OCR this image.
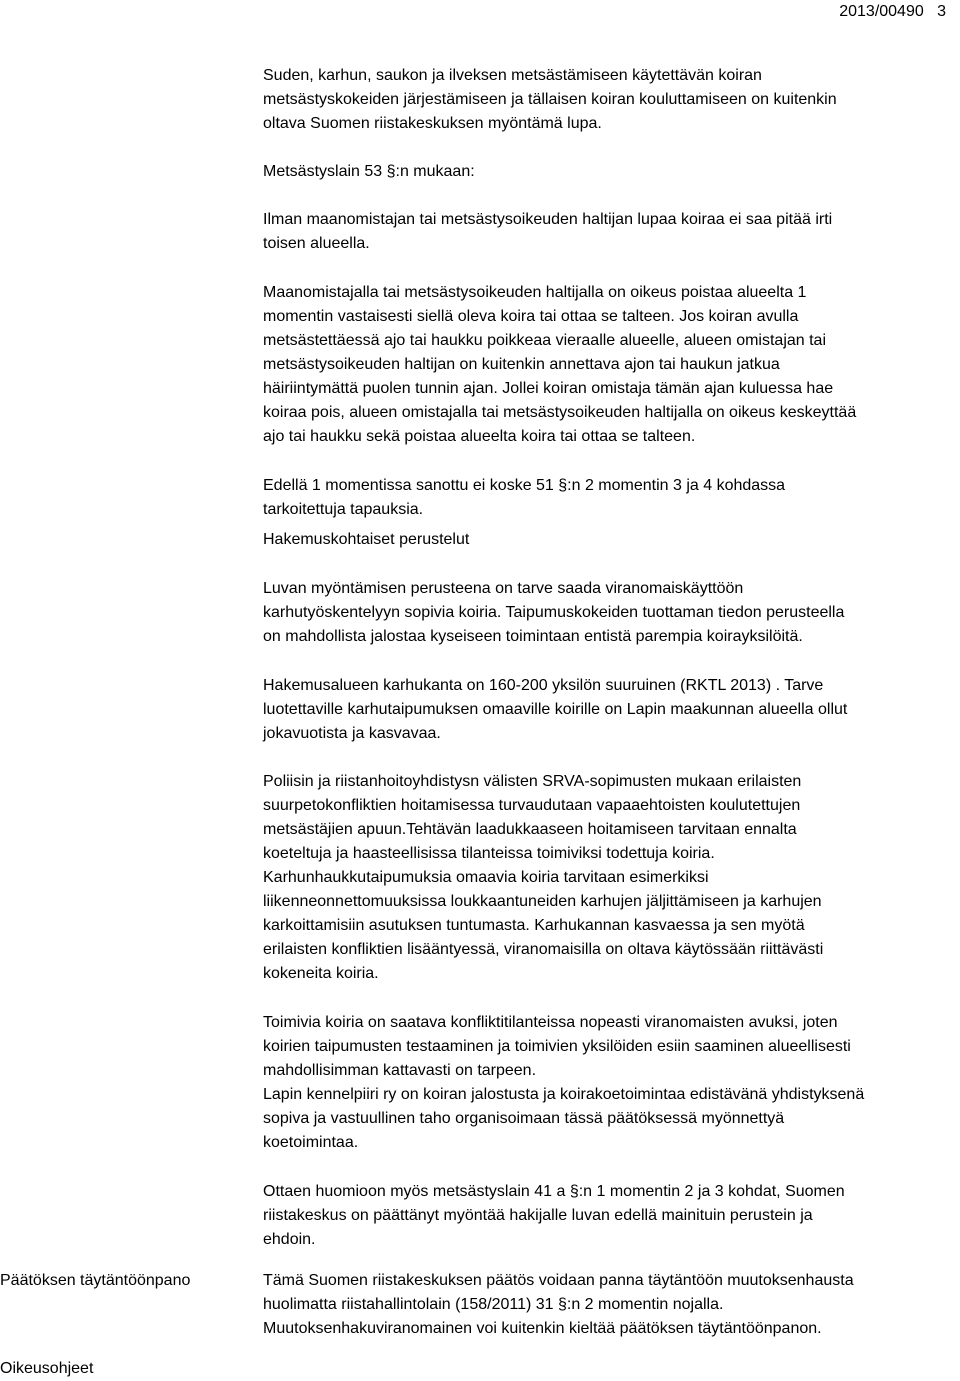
2013/00490 3
Suden, karhun, saukon ja ilveksen metsästämiseen käytettävän koiran
metsästyskokeiden järjestämiseen ja tällaisen koiran kouluttamiseen on kuitenkin
oltava Suomen riistakeskuksen myöntämä lupa.
Metsästyslain 53 §:n mukaan:
Ilman maanomistajan tai metsästysoikeuden haltijan lupaa koiraa ei saa pitää irti
toisen alueella.
Maanomistajalla tai metsästysoikeuden haltijalla on oikeus poistaa alueelta 1
momentin vastaisesti siellä oleva koira tai ottaa se talteen. Jos koiran avulla
metsästettäessä ajo tai haukku poikkeaa vieraalle alueelle, alueen omistajan tai
metsästysoikeuden haltijan on kuitenkin annettava ajon tai haukun jatkua
häiriintymättä puolen tunnin ajan. Jollei koiran omistaja tämän ajan kuluessa hae
koiraa pois, alueen omistajalla tai metsästysoikeuden haltijalla on oikeus keskeyttää
ajo tai haukku sekä poistaa alueelta koira tai ottaa se talteen.
Edellä 1 momentissa sanottu ei koske 51 §:n 2 momentin 3 ja 4 kohdassa
tarkoitettuja tapauksia.
Hakemuskohtaiset perustelut
Luvan myöntämisen perusteena on tarve saada viranomaiskäyttöön
karhutyöskentelyyn sopivia koiria. Taipumuskokeiden tuottaman tiedon perusteella
on mahdollista jalostaa kyseiseen toimintaan entistä parempia koirayksilöitä.
Hakemusalueen karhukanta on 160-200 yksilön suuruinen (RKTL 2013) . Tarve
luotettaville karhutaipumuksen omaaville koirille on Lapin maakunnan alueella ollut
jokavuotista ja kasvavaa.
Poliisin ja riistanhoitoyhdistysn välisten SRVA-sopimusten mukaan erilaisten
suurpetokonfliktien hoitamisessa turvaudutaan vapaaehtoisten koulutettujen
metsästäjien apuun.Tehtävän laadukkaaseen hoitamiseen tarvitaan ennalta
koeteltuja ja haasteellisissa tilanteissa toimiviksi todettuja koiria.
Karhunhaukkutaipumuksia omaavia koiria tarvitaan esimerkiksi
liikenneonnettomuuksissa loukkaantuneiden karhujen jäljittämiseen ja karhujen
karkoittamisiin asutuksen tuntumasta. Karhukannan kasvaessa ja sen myötä
erilaisten konfliktien lisääntyessä, viranomaisilla on oltava käytössään riittävästi
kokeneita koiria.
Toimivia koiria on saatava konfliktitilanteissa nopeasti viranomaisten avuksi, joten
koirien taipumusten testaaminen ja toimivien yksilöiden esiin saaminen alueellisesti
mahdollisimman kattavasti on tarpeen.
Lapin kennelpiiri ry on koiran jalostusta ja koirakoetoimintaa edistävänä yhdistyksenä
sopiva ja vastuullinen taho organisoimaan tässä päätöksessä myönnettyä
koetoimintaa.
Ottaen huomioon myös metsästyslain 41 a §:n 1 momentin 2 ja 3 kohdat, Suomen
riistakeskus on päättänyt myöntää hakijalle luvan edellä mainituin perustein ja
ehdoin.
Päätöksen täytäntöönpano	Tämä Suomen riistakeskuksen päätös voidaan panna täytäntöön muutoksenhausta
huolimatta riistahallintolain (158/2011) 31 §:n 2 momentin nojalla.
Muutoksenhakuviranomainen voi kuitenkin kieltää päätöksen täytäntöönpanon.
Oikeusohjeet
